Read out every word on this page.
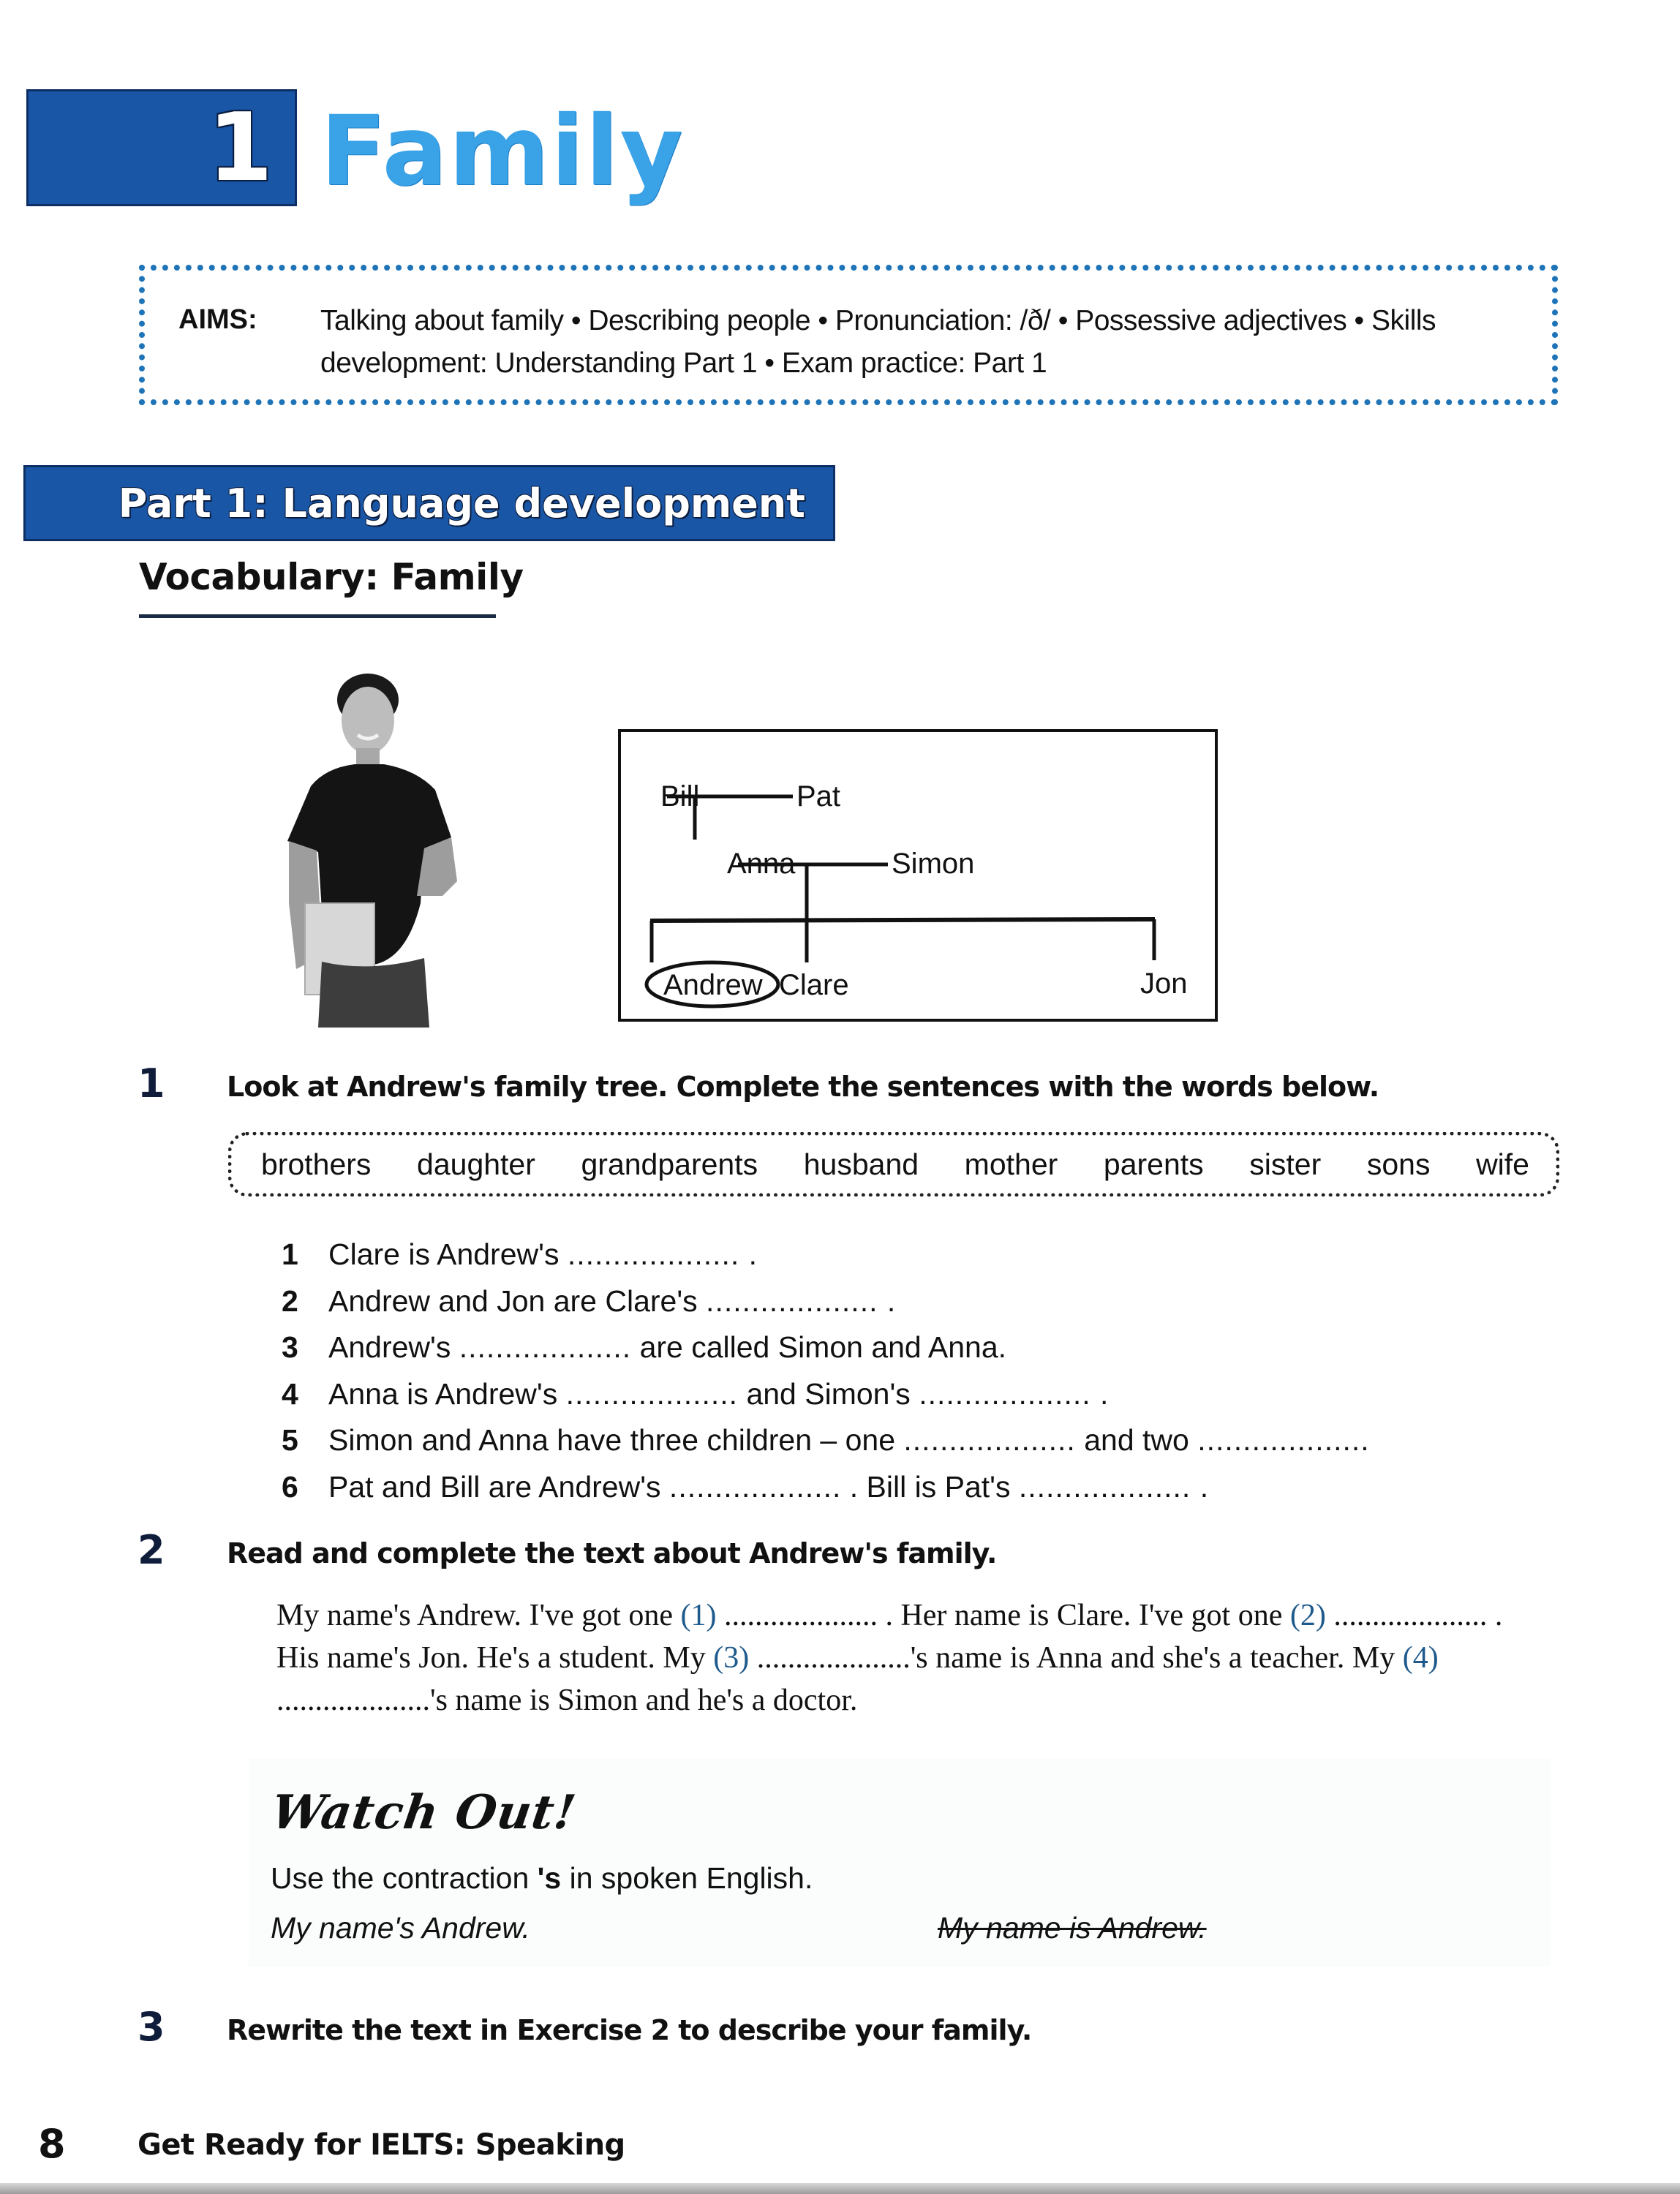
1 Family
AIMS: Talking about family • Describing people • Pronunciation: /ð/ • Possessive adjectives • Skills development: Understanding Part 1 • Exam practice: Part 1
Part 1: Language development
Vocabulary: Family
Bill	Pat
Anna	Simon
Andrew Clare	Jon
1 Look at Andrew's family tree. Complete the sentences with the words below.
brothers daughter grandparents husband mother parents sister sons wife
1 Clare is Andrew's ................... .
2 Andrew and Jon are Clare's ................... .
3 Andrew's ................... are called Simon and Anna.
4 Anna is Andrew's ................... and Simon's ................... .
5 Simon and Anna have three children – one ................... and two ...................
6 Pat and Bill are Andrew's ................... . Bill is Pat's ................... .
2 Read and complete the text about Andrew's family.
My name's Andrew. I've got one (1) .................... . Her name is Clare. I've got one (2) .................... . His name's Jon. He's a student. My (3) ....................'s name is Anna and she's a teacher. My (4) ....................'s name is Simon and he's a doctor.
Watch Out!
Use the contraction 's in spoken English.
My name's Andrew.	My name is Andrew.
3 Rewrite the text in Exercise 2 to describe your family.
8 Get Ready for IELTS: Speaking
